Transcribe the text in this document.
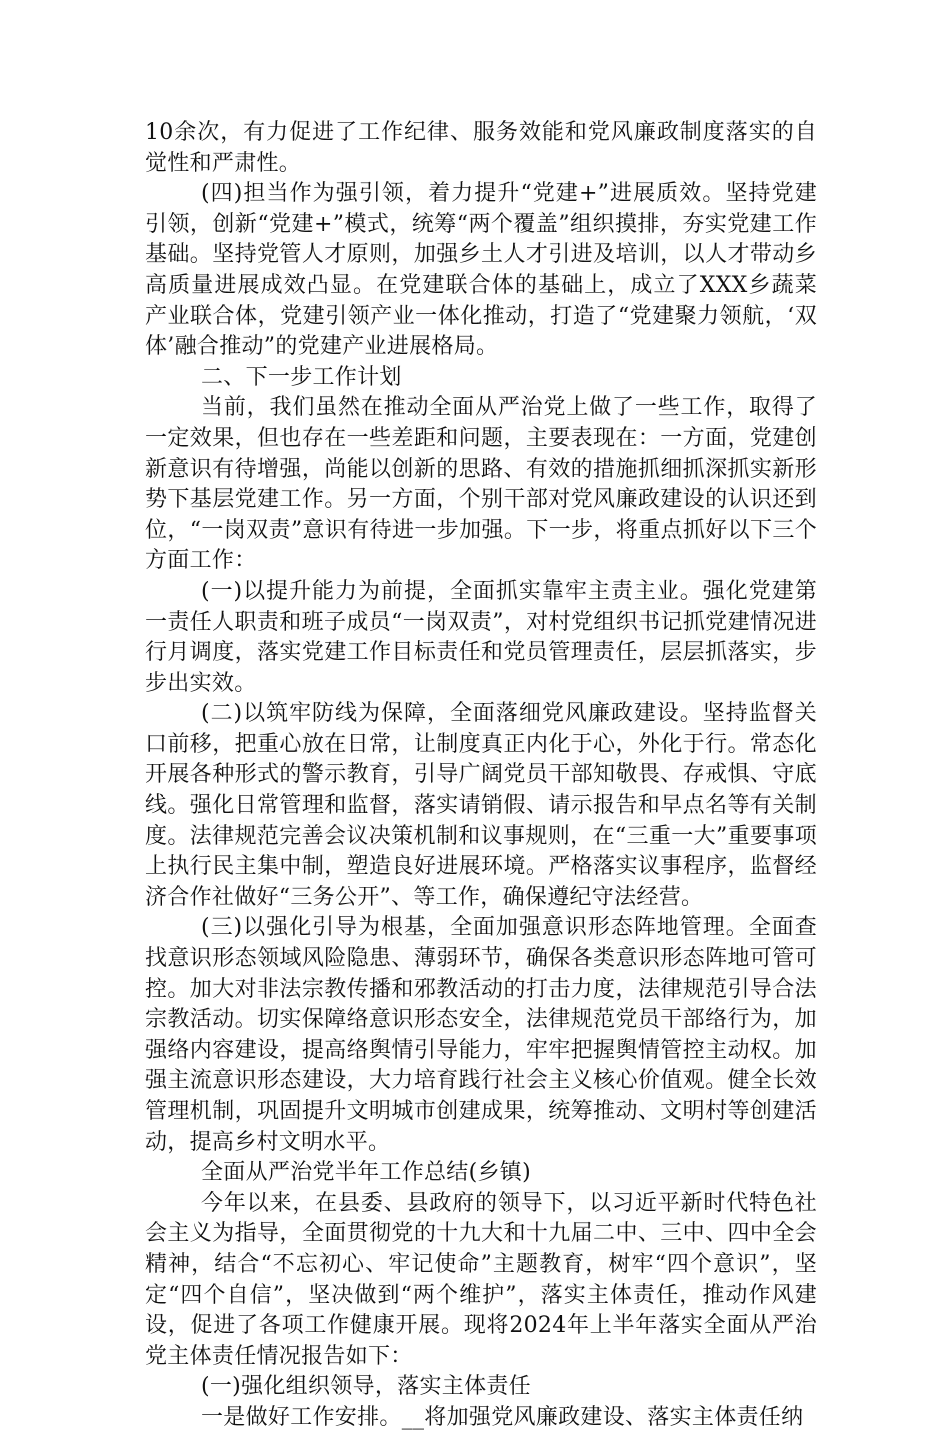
10余次，有力促进了工作纪律、服务效能和党风廉政制度落实的自觉性和严肃性。

(四)担当作为强引领，着力提升“党建+”进展质效。坚持党建引领，创新“党建+”模式，统筹“两个覆盖”组织摸排，夯实党建工作基础。坚持党管人才原则，加强乡土人才引进及培训，以人才带动乡高质量进展成效凸显。在党建联合体的基础上，成立了XXX乡蔬菜产业联合体，党建引领产业一体化推动，打造了“党建聚力领航，‘双体’融合推动”的党建产业进展格局。

二、下一步工作计划

当前，我们虽然在推动全面从严治党上做了一些工作，取得了一定效果，但也存在一些差距和问题，主要表现在：一方面，党建创新意识有待增强，尚能以创新的思路、有效的措施抓细抓深抓实新形势下基层党建工作。另一方面，个别干部对党风廉政建设的认识还到位，“一岗双责”意识有待进一步加强。下一步，将重点抓好以下三个方面工作：

(一)以提升能力为前提，全面抓实靠牢主责主业。强化党建第一责任人职责和班子成员“一岗双责”，对村党组织书记抓党建情况进行月调度，落实党建工作目标责任和党员管理责任，层层抓落实，步步出实效。

(二)以筑牢防线为保障，全面落细党风廉政建设。坚持监督关口前移，把重心放在日常，让制度真正内化于心，外化于行。常态化开展各种形式的警示教育，引导广阔党员干部知敬畏、存戒惧、守底线。强化日常管理和监督，落实请销假、请示报告和早点名等有关制度。法律规范完善会议决策机制和议事规则，在“三重一大”重要事项上执行民主集中制，塑造良好进展环境。严格落实议事程序，监督经济合作社做好“三务公开”、等工作，确保遵纪守法经营。

(三)以强化引导为根基，全面加强意识形态阵地管理。全面查找意识形态领域风险隐患、薄弱环节，确保各类意识形态阵地可管可控。加大对非法宗教传播和邪教活动的打击力度，法律规范引导合法宗教活动。切实保障络意识形态安全，法律规范党员干部络行为，加强络内容建设，提高络舆情引导能力，牢牢把握舆情管控主动权。加强主流意识形态建设，大力培育践行社会主义核心价值观。健全长效管理机制，巩固提升文明城市创建成果，统筹推动、文明村等创建活动，提高乡村文明水平。

全面从严治党半年工作总结(乡镇)

今年以来，在县委、县政府的领导下，以习近平新时代特色社会主义为指导，全面贯彻党的十九大和十九届二中、三中、四中全会精神，结合“不忘初心、牢记使命”主题教育，树牢“四个意识”，坚定“四个自信”，坚决做到“两个维护”，落实主体责任，推动作风建设，促进了各项工作健康开展。现将2024年上半年落实全面从严治党主体责任情况报告如下：

(一)强化组织领导，落实主体责任

一是做好工作安排。__将加强党风廉政建设、落实主体责任纳
